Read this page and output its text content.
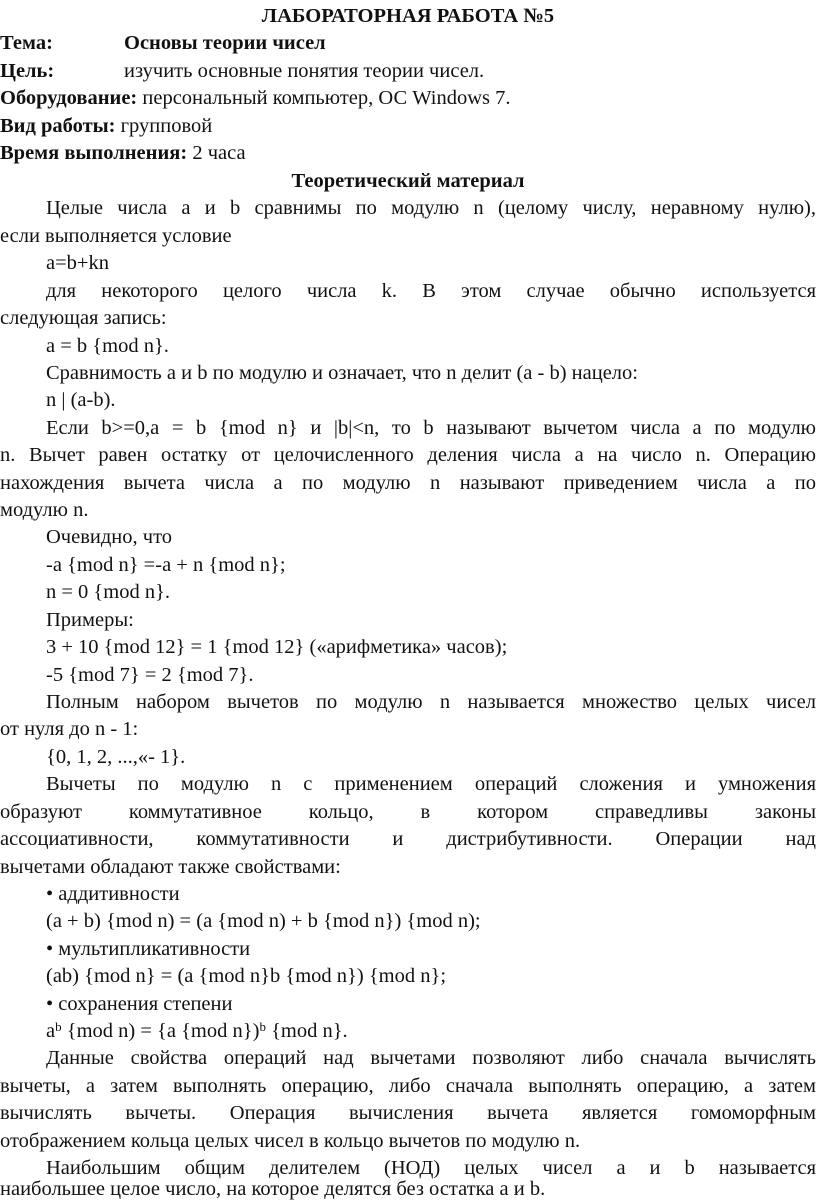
ЛАБОРАТОРНАЯ РАБОТА №5
Тема:	Основы теории чисел
Цель:	изучить основные понятия теории чисел.
Оборудование: персональный компьютер, ОС Windows 7.
Вид работы: групповой
Время выполнения: 2 часа
Теоретический материал
Целые числа a и b сравнимы по модулю n (целому числу, неравному нулю),
если выполняется условие
a=b+kn
для некоторого целого числа k. В этом случае обычно используется
следующая запись:
a = b {mod n}.
Сравнимость a и b по модулю и означает, что n делит (a - b) нацело:
n | (a-b).
Если b>=0,a = b {mod n} и |b|<n, то b называют вычетом числа a по модулю
n. Вычет равен остатку от целочисленного деления числа a на число n. Операцию
нахождения вычета числа a по модулю n называют приведением числа a по
модулю n.
Очевидно, что
-a {mod n} =-a + n {mod n};
n = 0 {mod n}.
Примеры:
3 + 10 {mod 12} = 1 {mod 12} («арифметика» часов);
-5 {mod 7} = 2 {mod 7}.
Полным набором вычетов по модулю n называется множество целых чисел
от нуля до n - 1:
{0, 1, 2, ...,«- 1}.
Вычеты по модулю n с применением операций сложения и умножения
образуют коммутативное кольцо, в котором справедливы законы
ассоциативности, коммутативности и дистрибутивности. Операции над
вычетами обладают также свойствами:
• аддитивности
(a + b) {mod n) = (a {mod n) + b {mod n}) {mod n);
• мультипликативности
(ab) {mod n} = (a {mod n}b {mod n}) {mod n};
• сохранения степени
$a^b$ {mod n) = {a {mod n})$^b$ {mod n}.
Данные свойства операций над вычетами позволяют либо сначала вычислять
вычеты, а затем выполнять операцию, либо сначала выполнять операцию, а затем
вычислять вычеты. Операция вычисления вычета является гомоморфным
отображением кольца целых чисел в кольцо вычетов по модулю n.
Наибольшим общим делителем (НОД) целых чисел a и b называется
наибольшее целое число, на которое делятся без остатка a и b.
